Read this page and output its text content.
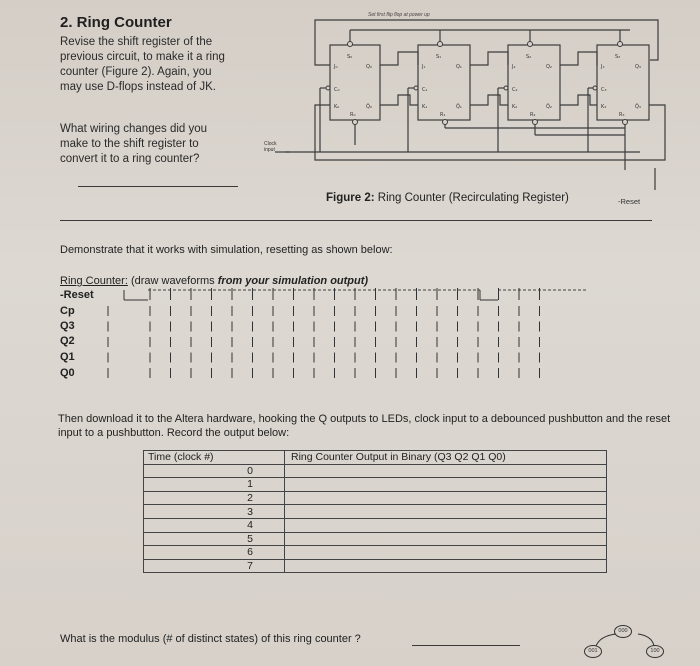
2. Ring Counter
Revise the shift register of the
previous circuit, to make it a ring
counter (Figure 2). Again, you
may use D-flops instead of JK.
What wiring changes did you
make to the shift register to
convert it to a ring counter?
Set first flip flop at power up
Clock
input
S₀
J₀	Q₀
C₀
K₀
R₀
Q̄₀
S₁
J₁	Q₁
C₁
K₁
R₁
Q̄₁
S₂
J₂	Q₂
C₂
K₂
R₂
Q̄₂
S₃
J₃	Q₃
C₃
K₃
R₃
Q̄₃
Figure 2: Ring Counter (Recirculating Register)	-Reset
Demonstrate that it works with simulation, resetting as shown below:
Ring Counter: (draw waveforms from your simulation output)
-Reset
Cp
Q3
Q2
Q1
Q0
Then download it to the Altera hardware, hooking the Q outputs to LEDs, clock input to a debounced pushbutton and the reset input to a pushbutton. Record the output below:
Time (clock #)	Ring Counter Output in Binary (Q3 Q2 Q1 Q0)
0	
1	
2	
3	
4	
5	
6	
7	
What is the modulus (# of distinct states) of this ring counter ?
000
001	100
